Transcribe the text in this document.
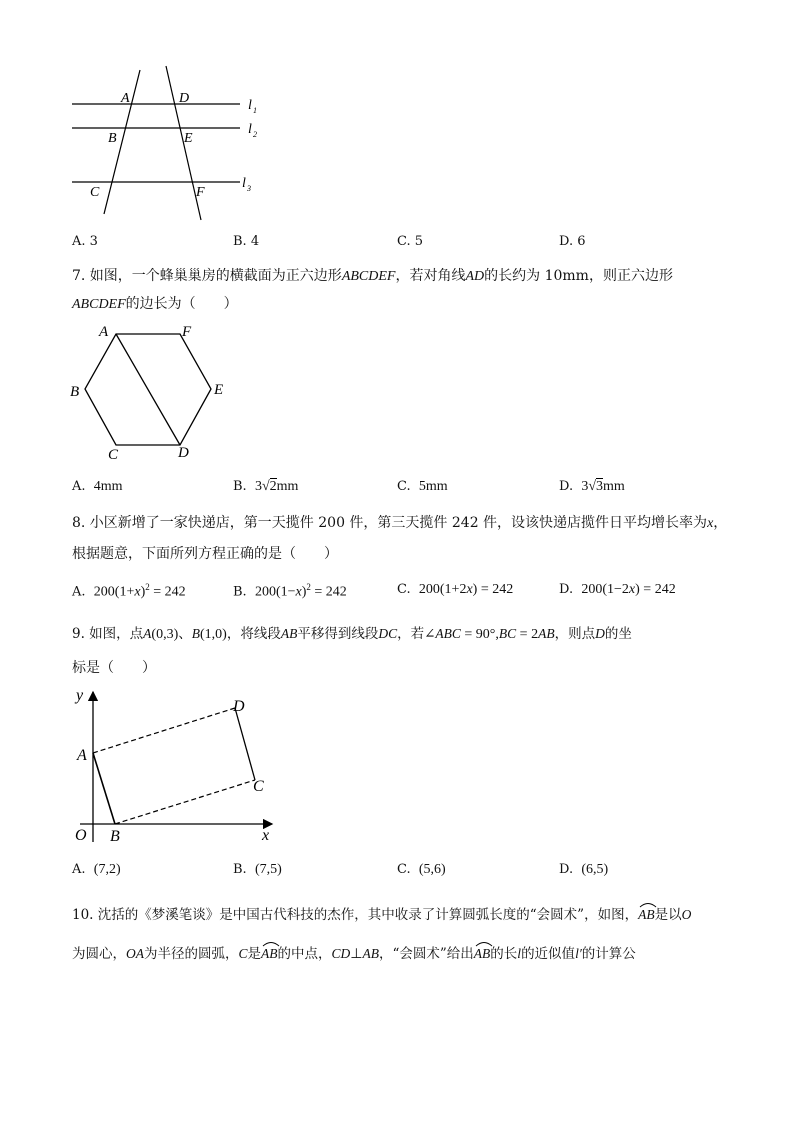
A	D
B	E
C	F
l 1
l 2
l 3
A. 3	B. 4	C. 5	D. 6
7. 如图，一个蜂巢巢房的横截面为正六边形ABCDEF，若对角线AD的长约为 10mm，则正六边形
ABCDEF的边长为（　　）
A	F
B	E
C	D
A. 4mm	B. 3√2mm	C. 5mm	D. 3√3mm
8. 小区新增了一家快递店，第一天揽件 200 件，第三天揽件 242 件，设该快递店揽件日平均增长率为x，
根据题意，下面所列方程正确的是（　　）
A. $200(1+x)^2 = 242$	B. $200(1-x)^2 = 242$	C. 200(1+2x) = 242	D. 200(1−2x) = 242
9. 如图，点A(0,3)、B(1,0)，将线段AB平移得到线段DC，若∠ABC = 90°,BC = 2AB，则点D的坐
标是（　　）
y
x
O
A
B
C
D
A. (7,2)	B. (7,5)	C. (5,6)	D. (6,5)
10. 沈括的《梦溪笔谈》是中国古代科技的杰作，其中收录了计算圆弧长度的“会圆术”，如图，AB
是以O
为圆心，OA为半径的圆弧，C是AB
的中点，CD⊥AB，“会圆术”给出AB
的长l的近似值l′的计算公
